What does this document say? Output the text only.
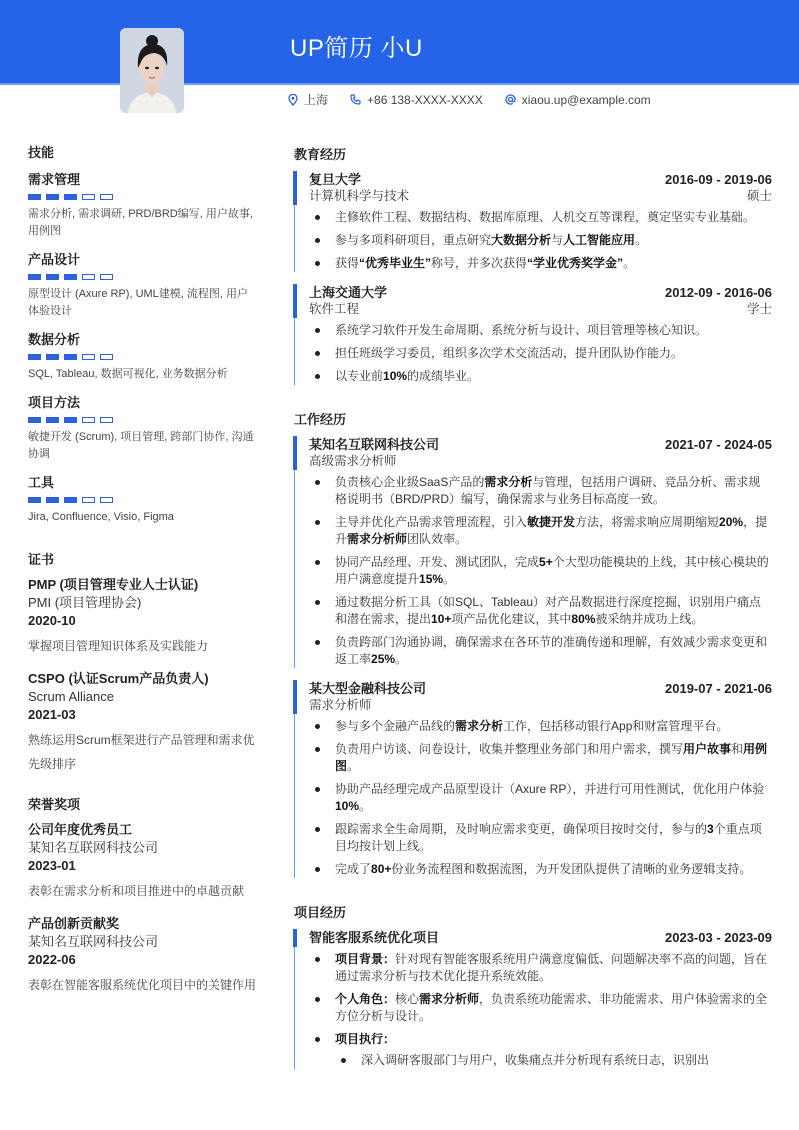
UP简历 小U
上海	+86 138-XXXX-XXXX	xiaou.up@example.com
技能
需求管理
需求分析, 需求调研, PRD/BRD编写, 用户故事, 用例图
产品设计
原型设计 (Axure RP), UML建模, 流程图, 用户体验设计
数据分析
SQL, Tableau, 数据可视化, 业务数据分析
项目方法
敏捷开发 (Scrum), 项目管理, 跨部门协作, 沟通协调
工具
Jira, Confluence, Visio, Figma
证书
PMP (项目管理专业人士认证)
PMI (项目管理协会)
2020-10
掌握项目管理知识体系及实践能力
CSPO (认证Scrum产品负责人)
Scrum Alliance
2021-03
熟练运用Scrum框架进行产品管理和需求优先级排序
荣誉奖项
公司年度优秀员工
某知名互联网科技公司
2023-01
表彰在需求分析和项目推进中的卓越贡献
产品创新贡献奖
某知名互联网科技公司
2022-06
表彰在智能客服系统优化项目中的关键作用
教育经历
复旦大学	2016-09 - 2019-06
计算机科学与技术	硕士
主修软件工程、数据结构、数据库原理、人机交互等课程，奠定坚实专业基础。
参与多项科研项目，重点研究大数据分析与人工智能应用。
获得“优秀毕业生”称号，并多次获得“学业优秀奖学金”。
上海交通大学	2012-09 - 2016-06
软件工程	学士
系统学习软件开发生命周期、系统分析与设计、项目管理等核心知识。
担任班级学习委员，组织多次学术交流活动，提升团队协作能力。
以专业前10%的成绩毕业。
工作经历
某知名互联网科技公司	2021-07 - 2024-05
高级需求分析师
负责核心企业级SaaS产品的需求分析与管理，包括用户调研、竞品分析、需求规格说明书（BRD/PRD）编写，确保需求与业务目标高度一致。
主导并优化产品需求管理流程，引入敏捷开发方法，将需求响应周期缩短20%，提升需求分析师团队效率。
协同产品经理、开发、测试团队，完成5+个大型功能模块的上线，其中核心模块的用户满意度提升15%。
通过数据分析工具（如SQL、Tableau）对产品数据进行深度挖掘，识别用户痛点和潜在需求，提出10+项产品优化建议，其中80%被采纳并成功上线。
负责跨部门沟通协调，确保需求在各环节的准确传递和理解，有效减少需求变更和返工率25%。
某大型金融科技公司	2019-07 - 2021-06
需求分析师
参与多个金融产品线的需求分析工作，包括移动银行App和财富管理平台。
负责用户访谈、问卷设计，收集并整理业务部门和用户需求，撰写用户故事和用例图。
协助产品经理完成产品原型设计（Axure RP），并进行可用性测试，优化用户体验10%。
跟踪需求全生命周期，及时响应需求变更，确保项目按时交付，参与的3个重点项目均按计划上线。
完成了80+份业务流程图和数据流图，为开发团队提供了清晰的业务逻辑支持。
项目经历
智能客服系统优化项目	2023-03 - 2023-09
项目背景：针对现有智能客服系统用户满意度偏低、问题解决率不高的问题，旨在通过需求分析与技术优化提升系统效能。
个人角色：核心需求分析师，负责系统功能需求、非功能需求、用户体验需求的全方位分析与设计。
项目执行：
深入调研客服部门与用户，收集痛点并分析现有系统日志，识别出
